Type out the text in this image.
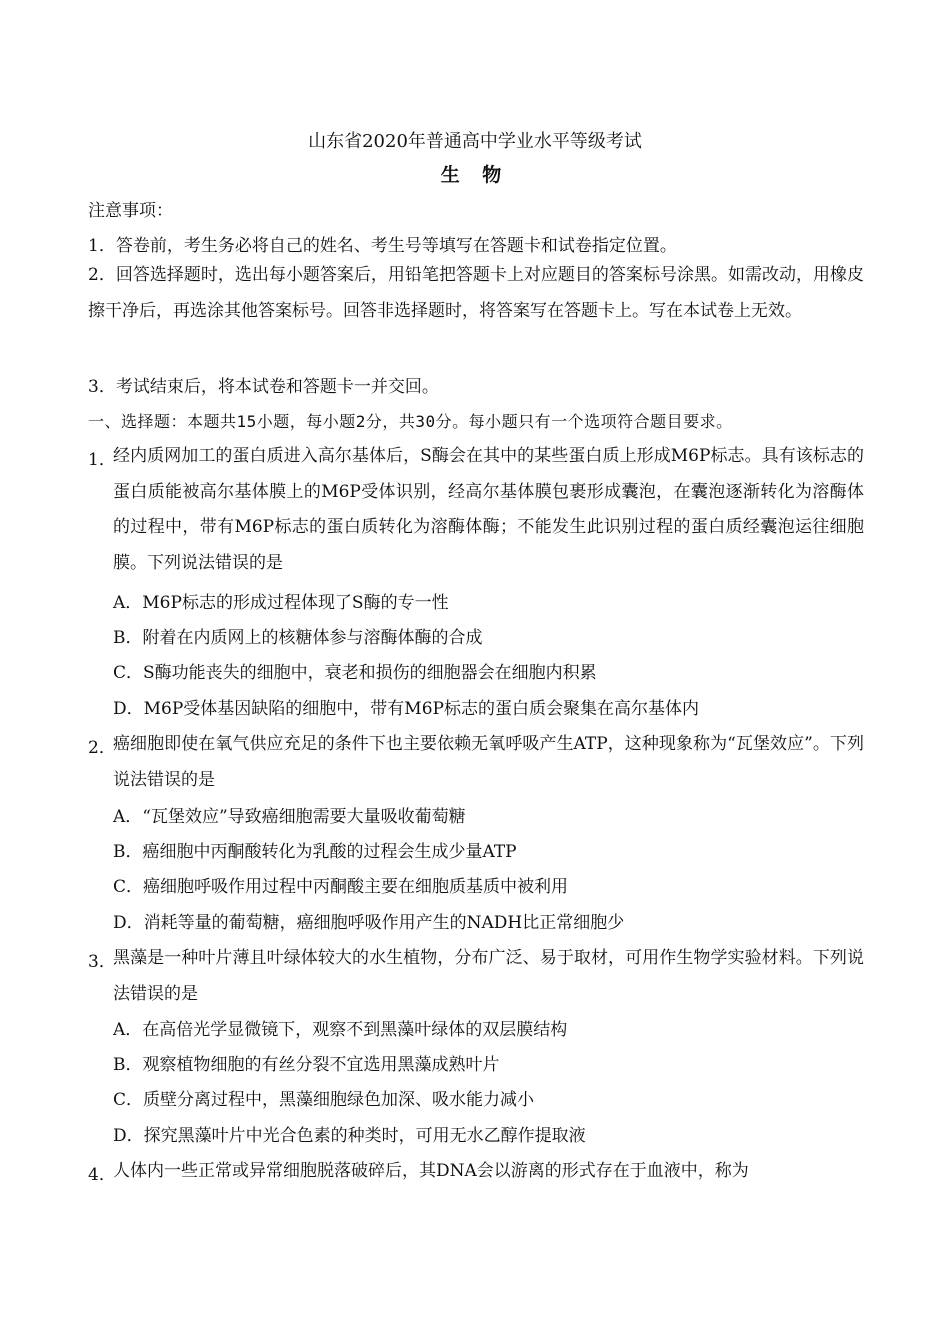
山东省2020年普通高中学业水平等级考试
生 物
注意事项：
1．答卷前，考生务必将自己的姓名、考生号等填写在答题卡和试卷指定位置。
2．回答选择题时，选出每小题答案后，用铅笔把答题卡上对应题目的答案标号涂黑。如需改动，用橡皮擦干净后，再选涂其他答案标号。回答非选择题时，将答案写在答题卡上。写在本试卷上无效。
3．考试结束后，将本试卷和答题卡一并交回。
一、选择题：本题共15小题，每小题2分，共30分。每小题只有一个选项符合题目要求。
1．
经内质网加工的蛋白质进入高尔基体后，S酶会在其中的某些蛋白质上形成M6P标志。具有该标志的蛋白质能被高尔基体膜上的M6P受体识别，经高尔基体膜包裹形成囊泡，在囊泡逐渐转化为溶酶体的过程中，带有M6P标志的蛋白质转化为溶酶体酶；不能发生此识别过程的蛋白质经囊泡运往细胞膜。下列说法错误的是
A．M6P标志的形成过程体现了S酶的专一性
B．附着在内质网上的核糖体参与溶酶体酶的合成
C．S酶功能丧失的细胞中，衰老和损伤的细胞器会在细胞内积累
D．M6P受体基因缺陷的细胞中，带有M6P标志的蛋白质会聚集在高尔基体内
2．
癌细胞即使在氧气供应充足的条件下也主要依赖无氧呼吸产生ATP，这种现象称为“瓦堡效应”。下列说法错误的是
A．“瓦堡效应”导致癌细胞需要大量吸收葡萄糖
B．癌细胞中丙酮酸转化为乳酸的过程会生成少量ATP
C．癌细胞呼吸作用过程中丙酮酸主要在细胞质基质中被利用
D．消耗等量的葡萄糖，癌细胞呼吸作用产生的NADH比正常细胞少
3．
黑藻是一种叶片薄且叶绿体较大的水生植物，分布广泛、易于取材，可用作生物学实验材料。下列说法错误的是
A．在高倍光学显微镜下，观察不到黑藻叶绿体的双层膜结构
B．观察植物细胞的有丝分裂不宜选用黑藻成熟叶片
C．质壁分离过程中，黑藻细胞绿色加深、吸水能力减小
D．探究黑藻叶片中光合色素的种类时，可用无水乙醇作提取液
4．
人体内一些正常或异常细胞脱落破碎后，其DNA会以游离的形式存在于血液中，称为
